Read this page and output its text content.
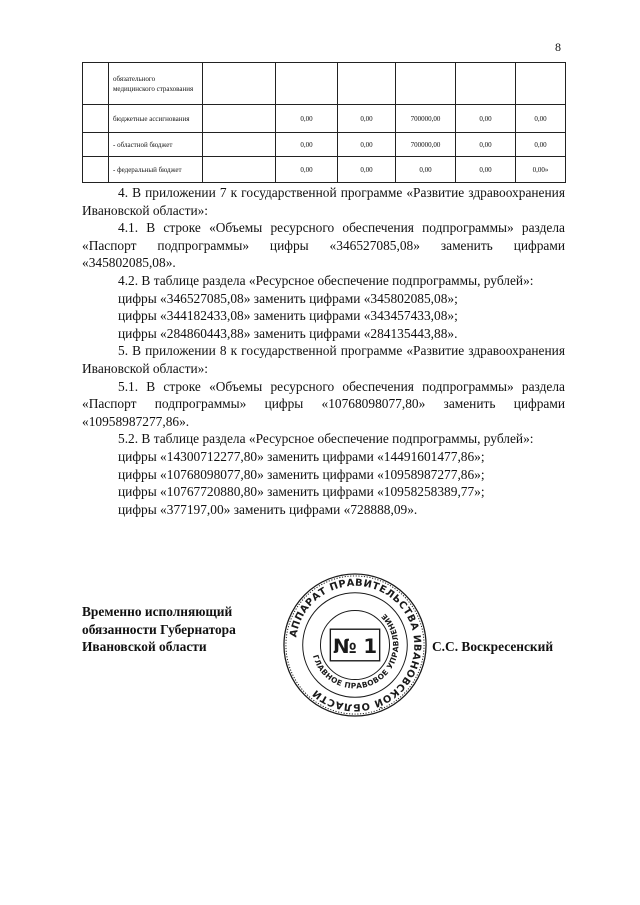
8
	обязательного медицинского страхования						
	бюджетные ассигнования		0,00	0,00	700000,00	0,00	0,00
	- областной бюджет		0,00	0,00	700000,00	0,00	0,00
	- федеральный бюджет		0,00	0,00	0,00	0,00	0,00»

4. В приложении 7 к государственной программе «Развитие здравоохранения Ивановской области»:

4.1. В строке «Объемы ресурсного обеспечения подпрограммы» раздела «Паспорт подпрограммы» цифры «346527085,08» заменить цифрами «345802085,08».

4.2. В таблице раздела «Ресурсное обеспечение подпрограммы, рублей»:

цифры «346527085,08» заменить цифрами «345802085,08»;

цифры «344182433,08» заменить цифрами «343457433,08»;

цифры «284860443,88» заменить цифрами «284135443,88».

5. В приложении 8 к государственной программе «Развитие здравоохранения Ивановской области»:

5.1. В строке «Объемы ресурсного обеспечения подпрограммы» раздела «Паспорт подпрограммы» цифры «10768098077,80» заменить цифрами «10958987277,86».

5.2. В таблице раздела «Ресурсное обеспечение подпрограммы, рублей»:

цифры «14300712277,80» заменить цифрами «14491601477,86»;

цифры «10768098077,80» заменить цифрами «10958987277,86»;

цифры «10767720880,80» заменить цифрами «10958258389,77»;

цифры «377197,00» заменить цифрами «728888,09».

Временно исполняющий
обязанности Губернатора
Ивановской области	С.С. Воскресенский
АППАРАТ ПРАВИТЕЛЬСТВА ИВАНОВСКОЙ ОБЛАСТИ
ГЛАВНОЕ ПРАВОВОЕ УПРАВЛЕНИЕ
№ 1
